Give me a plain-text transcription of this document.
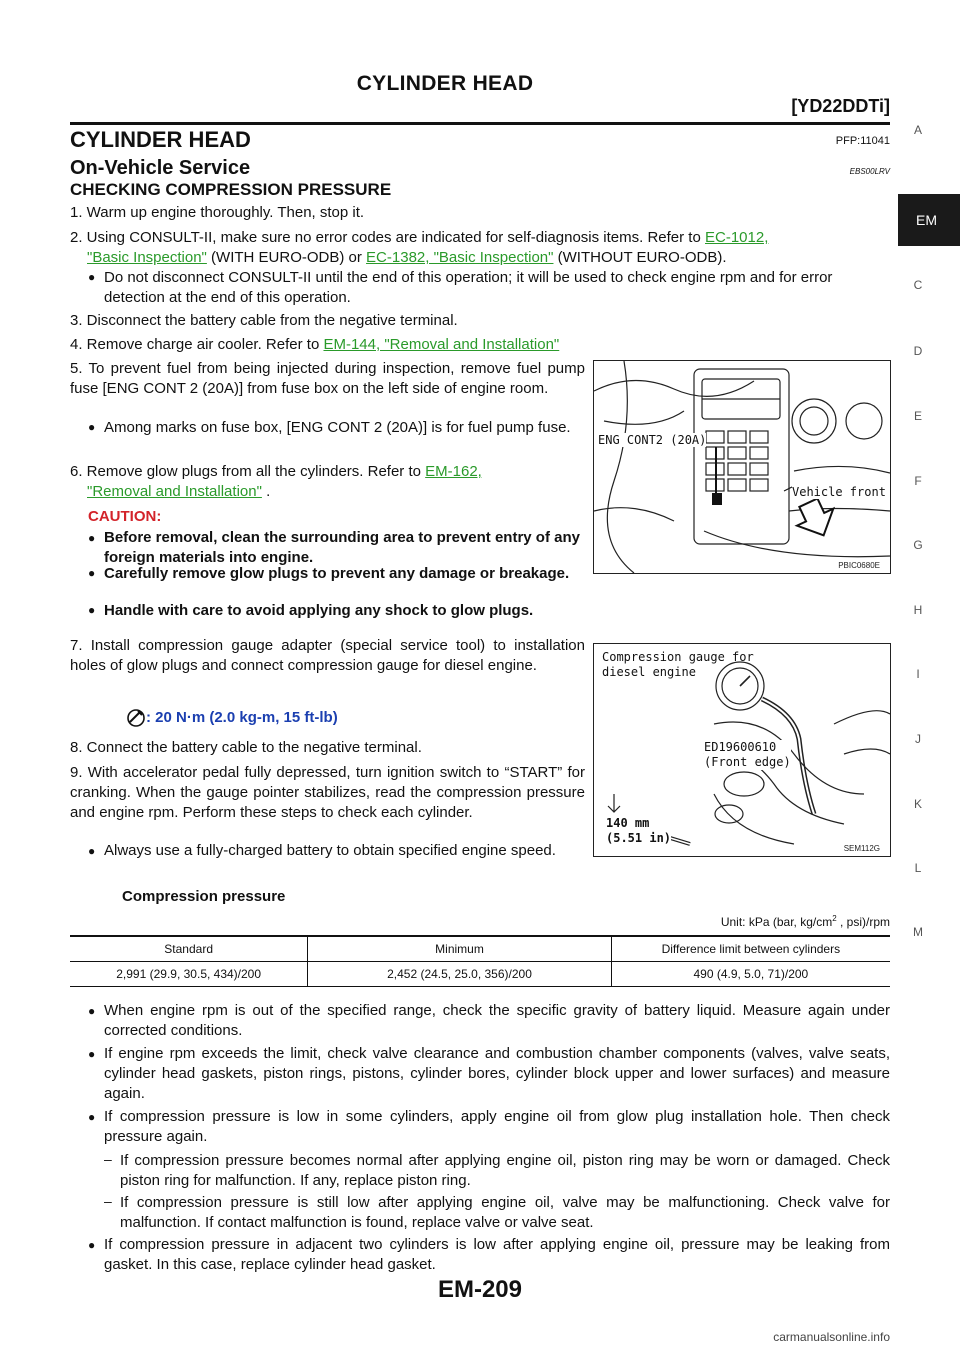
CYLINDER HEAD
[YD22DDTi]
CYLINDER HEAD	PFP:11041
On-Vehicle Service	EBS00LRV
CHECKING COMPRESSION PRESSURE
1. Warm up engine thoroughly. Then, stop it.
2. Using CONSULT-II, make sure no error codes are indicated for self-diagnosis items. Refer to EC-1012,
"Basic Inspection" (WITH EURO-ODB) or EC-1382, "Basic Inspection" (WITHOUT EURO-ODB).
● Do not disconnect CONSULT-II until the end of this operation; it will be used to check engine rpm and for error detection at the end of this operation.
3. Disconnect the battery cable from the negative terminal.
4. Remove charge air cooler. Refer to EM-144, "Removal and Installation"
5. To prevent fuel from being injected during inspection, remove fuel pump fuse [ENG CONT 2 (20A)] from fuse box on the left side of engine room.
● Among marks on fuse box, [ENG CONT 2 (20A)] is for fuel pump fuse.
6. Remove glow plugs from all the cylinders. Refer to EM-162,
"Removal and Installation" .
CAUTION:
● Before removal, clean the surrounding area to prevent entry of any foreign materials into engine.
● Carefully remove glow plugs to prevent any damage or breakage.
● Handle with care to avoid applying any shock to glow plugs.
ENG CONT2 (20A)
Vehicle front
PBIC0680E
7. Install compression gauge adapter (special service tool) to installation holes of glow plugs and connect compression gauge for diesel engine.
: 20 N·m (2.0 kg-m, 15 ft-lb)
8. Connect the battery cable to the negative terminal.
9. With accelerator pedal fully depressed, turn ignition switch to “START” for cranking. When the gauge pointer stabilizes, read the compression pressure and engine rpm. Perform these steps to check each cylinder.
● Always use a fully-charged battery to obtain specified engine speed.
Compression gauge for
diesel engine
ED19600610
(Front edge)
140 mm
(5.51 in)
SEM112G
Compression pressure
Unit: kPa (bar, $kg/cm^2$ , psi)/rpm
Standard	Minimum	Difference limit between cylinders
2,991 (29.9, 30.5, 434)/200	2,452 (24.5, 25.0, 356)/200	490 (4.9, 5.0, 71)/200
● When engine rpm is out of the specified range, check the specific gravity of battery liquid. Measure again under corrected conditions.
● If engine rpm exceeds the limit, check valve clearance and combustion chamber components (valves, valve seats, cylinder head gaskets, piston rings, pistons, cylinder bores, cylinder block upper and lower surfaces) and measure again.
● If compression pressure is low in some cylinders, apply engine oil from glow plug installation hole. Then check pressure again.
– If compression pressure becomes normal after applying engine oil, piston ring may be worn or damaged. Check piston ring for malfunction. If any, replace piston ring.
– If compression pressure is still low after applying engine oil, valve may be malfunctioning. Check valve for malfunction. If contact malfunction is found, replace valve or valve seat.
● If compression pressure in adjacent two cylinders is low after applying engine oil, pressure may be leaking from gasket. In this case, replace cylinder head gasket.
A
EM
C
D
E
F
G
H
I
J
K
L
M
EM-209
carmanualsonline.info
